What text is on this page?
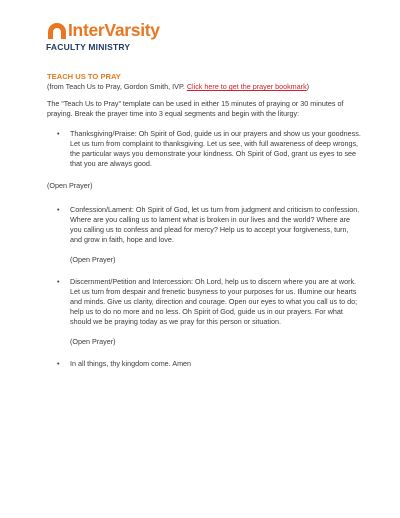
InterVarsity
FACULTY MINISTRY

TEACH US TO PRAY

(from Teach Us to Pray, Gordon Smith, IVP. Click here to get the prayer bookmark)

The “Teach Us to Pray” template can be used in either 15 minutes of praying or 30 minutes of praying. Break the prayer time into 3 equal segments and begin with the liturgy:

• Thanksgiving/Praise: Oh Spirit of God, guide us in our prayers and show us your goodness. Let us turn from complaint to thanksgiving. Let us see, with full awareness of deep wrongs, the particular ways you demonstrate your kindness. Oh Spirit of God, grant us eyes to see that you are always good.

(Open Prayer)

• Confession/Lament: Oh Spirit of God, let us turn from judgment and criticism to confession. Where are you calling us to lament what is broken in our lives and the world? Where are you calling us to confess and plead for mercy? Help us to accept your forgiveness, turn, and grow in faith, hope and love.

(Open Prayer)

• Discernment/Petition and Intercession: Oh Lord, help us to discern where you are at work. Let us turn from despair and frenetic busyness to your purposes for us. Illumine our hearts and minds. Give us clarity, direction and courage. Open our eyes to what you call us to do; help us to do no more and no less. Oh Spirit of God, guide us in our prayers. For what should we be praying today as we pray for this person or situation.

(Open Prayer)

• In all things, thy kingdom come. Amen
